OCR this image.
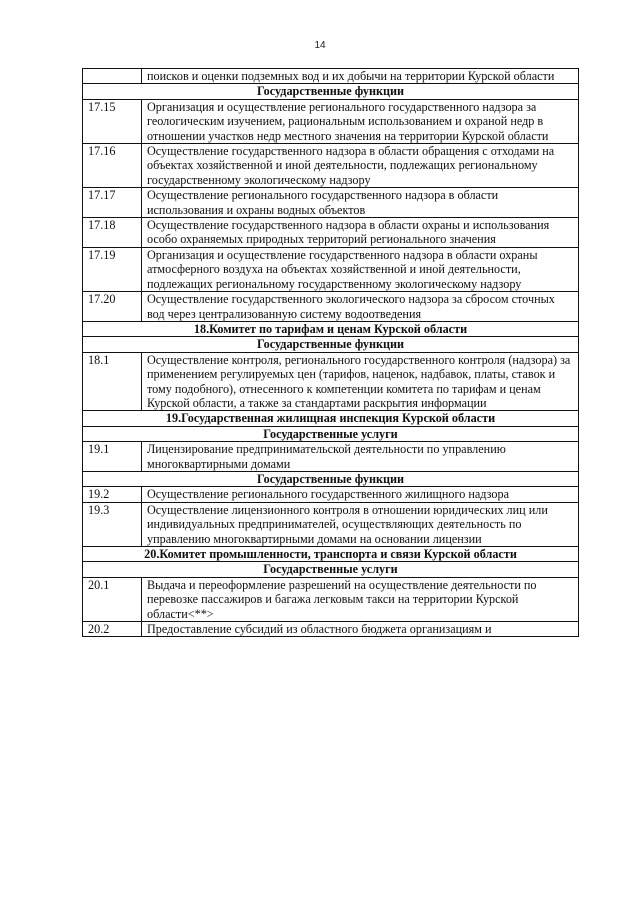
14
	поисков и оценки подземных вод и их добычи на территории Курской области
Государственные функции	
17.15	Организация и осуществление регионального государственного надзора за геологическим изучением, рациональным использованием и охраной недр в отношении участков недр местного значения на территории Курской области
17.16	Осуществление государственного надзора в области обращения с отходами на объектах хозяйственной и иной деятельности, подлежащих региональному государственному экологическому надзору
17.17	Осуществление регионального государственного надзора в области использования и охраны водных объектов
17.18	Осуществление государственного надзора в области охраны и использования особо охраняемых природных территорий регионального значения
17.19	Организация и осуществление государственного надзора в области охраны атмосферного воздуха на объектах хозяйственной и иной деятельности, подлежащих региональному государственному экологическому надзору
17.20	Осуществление государственного экологического надзора за сбросом сточных вод через централизованную систему водоотведения
18.Комитет по тарифам и ценам Курской области	
Государственные функции	
18.1	Осуществление контроля, регионального государственного контроля (надзора) за применением регулируемых цен (тарифов, наценок, надбавок, платы, ставок и тому подобного), отнесенного к компетенции комитета по тарифам и ценам Курской области, а также за стандартами раскрытия информации
19.Государственная жилищная инспекция Курской области	
Государственные услуги	
19.1	Лицензирование предпринимательской деятельности по управлению многоквартирными домами
Государственные функции	
19.2	Осуществление регионального государственного жилищного надзора
19.3	Осуществление лицензионного контроля в отношении юридических лиц или индивидуальных предпринимателей, осуществляющих деятельность по управлению многоквартирными домами на основании лицензии
20.Комитет промышленности, транспорта и связи Курской области	
Государственные услуги	
20.1	Выдача и переоформление разрешений на осуществление деятельности по перевозке пассажиров и багажа легковым такси на территории Курской области<**>
20.2	Предоставление субсидий из областного бюджета организациям и
